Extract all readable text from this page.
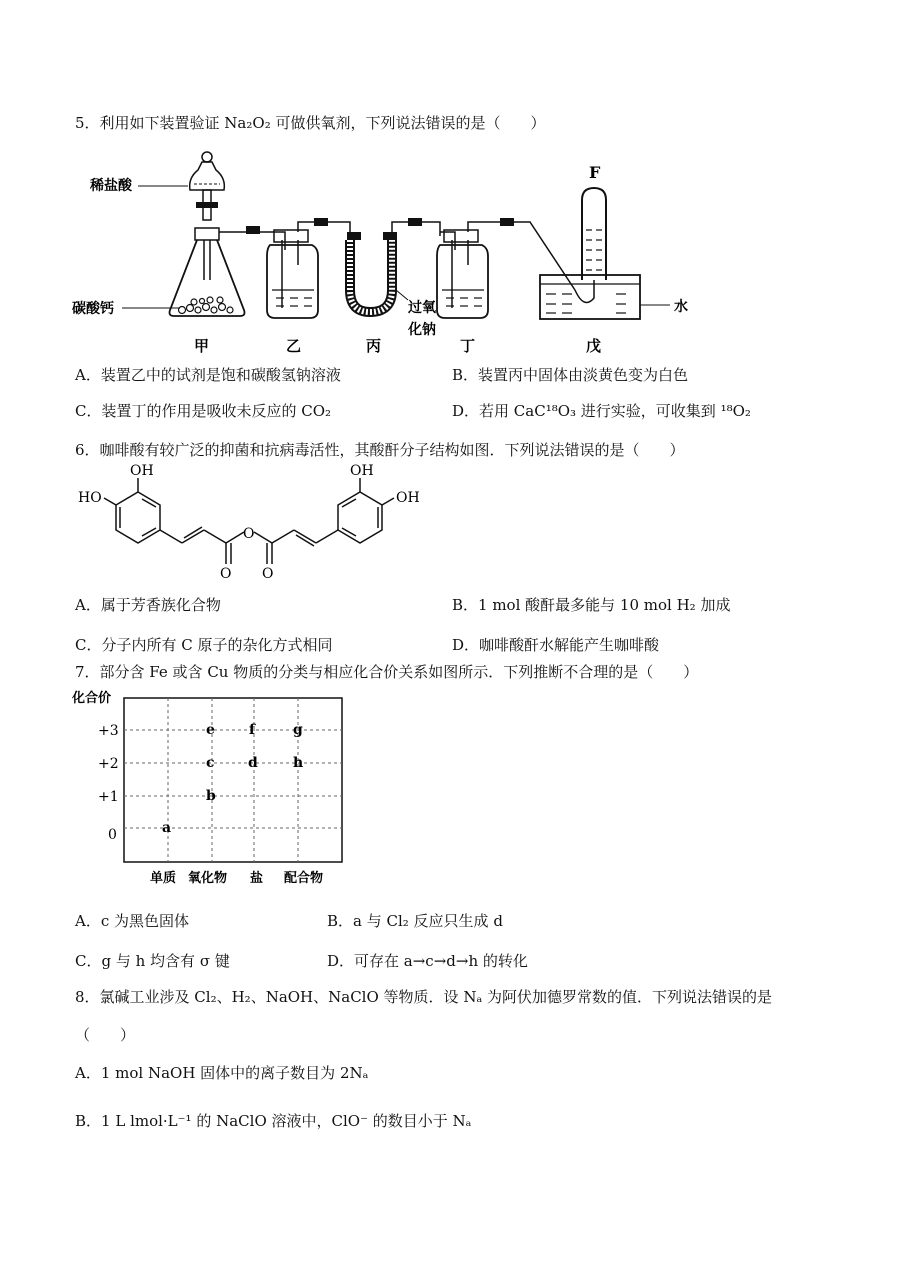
5．利用如下装置验证 Na₂O₂ 可做供氧剂，下列说法错误的是（　　）
稀盐酸
碳酸钙	过氧
化钠
F
水
甲	乙	丙	丁	戊
A．装置乙中的试剂是饱和碳酸氢钠溶液	B．装置丙中固体由淡黄色变为白色
C．装置丁的作用是吸收未反应的 CO₂	D．若用 CaC¹⁸O₃ 进行实验，可收集到 ¹⁸O₂
6．咖啡酸有较广泛的抑菌和抗病毒活性，其酸酐分子结构如图．下列说法错误的是（　　）
OH
HO
O
O O
OH
OH
A．属于芳香族化合物	B．1 mol 酸酐最多能与 10 mol H₂ 加成
C．分子内所有 C 原子的杂化方式相同	D．咖啡酸酐水解能产生咖啡酸
7．部分含 Fe 或含 Cu 物质的分类与相应化合价关系如图所示．下列推断不合理的是（　　）
化合价
+3
+2
+1
0	a
b
c d
e f	g
h
单质 氧化物 盐 配合物
A．c 为黑色固体	B．a 与 Cl₂ 反应只生成 d
C．g 与 h 均含有 σ 键	D．可存在 a→c→d→h 的转化
8．氯碱工业涉及 Cl₂、H₂、NaOH、NaClO 等物质．设 Nₐ 为阿伏加德罗常数的值．下列说法错误的是
（　　）
A．1 mol NaOH 固体中的离子数目为 2Nₐ
B．1 L lmol·L⁻¹ 的 NaClO 溶液中，ClO⁻ 的数目小于 Nₐ
